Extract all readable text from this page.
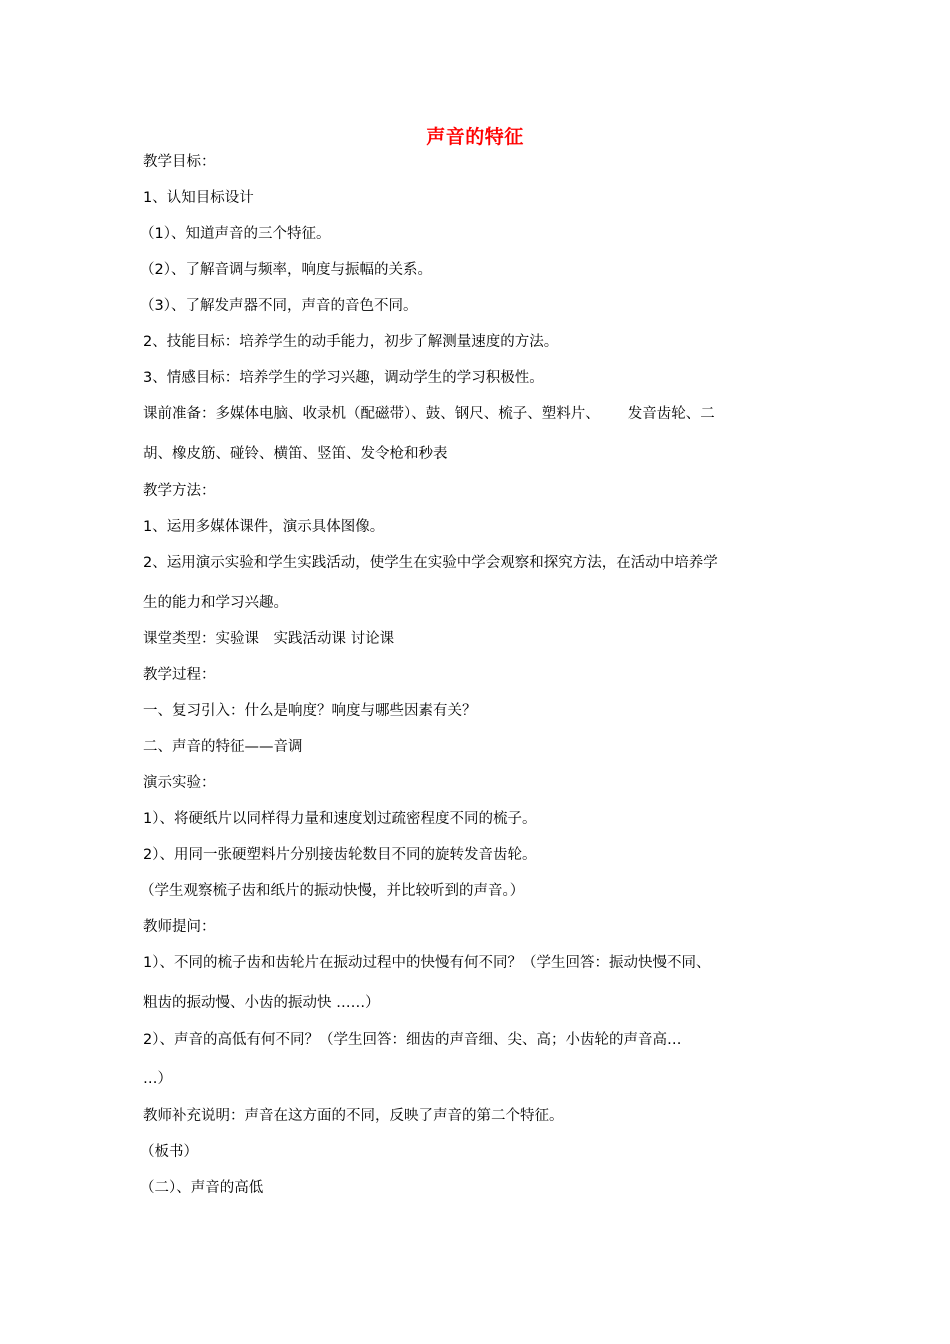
声音的特征
教学目标：
1、认知目标设计
（1）、知道声音的三个特征。
（2）、了解音调与频率，响度与振幅的关系。
（3）、了解发声器不同，声音的音色不同。
2、技能目标：培养学生的动手能力，初步了解测量速度的方法。
3、情感目标：培养学生的学习兴趣，调动学生的学习积极性。
课前准备：多媒体电脑、收录机（配磁带）、鼓、钢尺、梳子、塑料片、 发音齿轮、二
胡、橡皮筋、碰铃、横笛、竖笛、发令枪和秒表
教学方法：
1、运用多媒体课件，演示具体图像。
2、运用演示实验和学生实践活动，使学生在实验中学会观察和探究方法，在活动中培养学
生的能力和学习兴趣。
课堂类型：实验课　实践活动课 讨论课
教学过程：
一、复习引入：什么是响度？响度与哪些因素有关？
二、声音的特征——音调
演示实验：
1）、将硬纸片以同样得力量和速度划过疏密程度不同的梳子。
2）、用同一张硬塑料片分别接齿轮数目不同的旋转发音齿轮。
（学生观察梳子齿和纸片的振动快慢，并比较听到的声音。）
教师提问：
1）、不同的梳子齿和齿轮片在振动过程中的快慢有何不同？（学生回答：振动快慢不同、
粗齿的振动慢、小齿的振动快 ……）
2）、声音的高低有何不同？（学生回答：细齿的声音细、尖、高；小齿轮的声音高…
…）
教师补充说明：声音在这方面的不同，反映了声音的第二个特征。
（板书）
（二）、声音的高低
